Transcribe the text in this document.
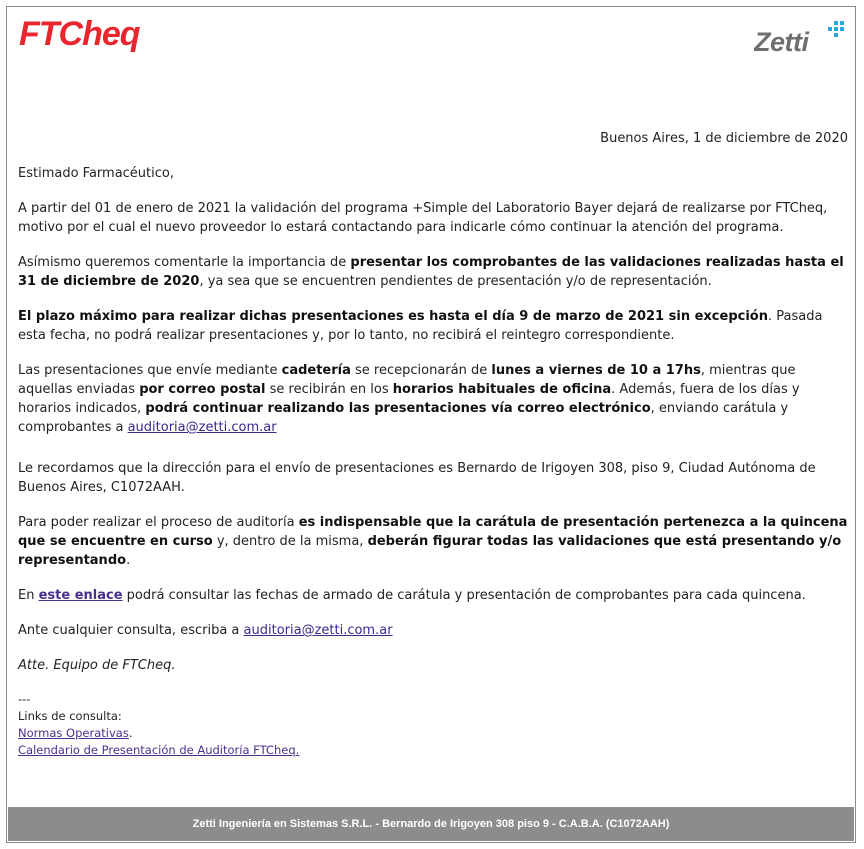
FTCheq	Zetti

Buenos Aires, 1 de diciembre de 2020

Estimado Farmacéutico,

A partir del 01 de enero de 2021 la validación del programa +Simple del Laboratorio Bayer dejará de realizarse por FTCheq, motivo por el cual el nuevo proveedor lo estará contactando para indicarle cómo continuar la atención del programa.

Asímismo queremos comentarle la importancia de presentar los comprobantes de las validaciones realizadas hasta el 31 de diciembre de 2020, ya sea que se encuentren pendientes de presentación y/o de representación.

El plazo máximo para realizar dichas presentaciones es hasta el día 9 de marzo de 2021 sin excepción. Pasada esta fecha, no podrá realizar presentaciones y, por lo tanto, no recibirá el reintegro correspondiente.

Las presentaciones que envíe mediante cadetería se recepcionarán de lunes a viernes de 10 a 17hs, mientras que aquellas enviadas por correo postal se recibirán en los horarios habituales de oficina. Además, fuera de los días y horarios indicados, podrá continuar realizando las presentaciones vía correo electrónico, enviando carátula y comprobantes a auditoria@zetti.com.ar

Le recordamos que la dirección para el envío de presentaciones es Bernardo de Irigoyen 308, piso 9, Ciudad Autónoma de Buenos Aires, C1072AAH.

Para poder realizar el proceso de auditoría es indispensable que la carátula de presentación pertenezca a la quincena que se encuentre en curso y, dentro de la misma, deberán figurar todas las validaciones que está presentando y/o representando.

En este enlace podrá consultar las fechas de armado de carátula y presentación de comprobantes para cada quincena.

Ante cualquier consulta, escriba a auditoria@zetti.com.ar

Atte. Equipo de FTCheq.

---
Links de consulta:
Normas Operativas.
Calendario de Presentación de Auditoría FTCheq.
Zetti Ingeniería en Sistemas S.R.L. - Bernardo de Irigoyen 308 piso 9 - C.A.B.A. (C1072AAH)
